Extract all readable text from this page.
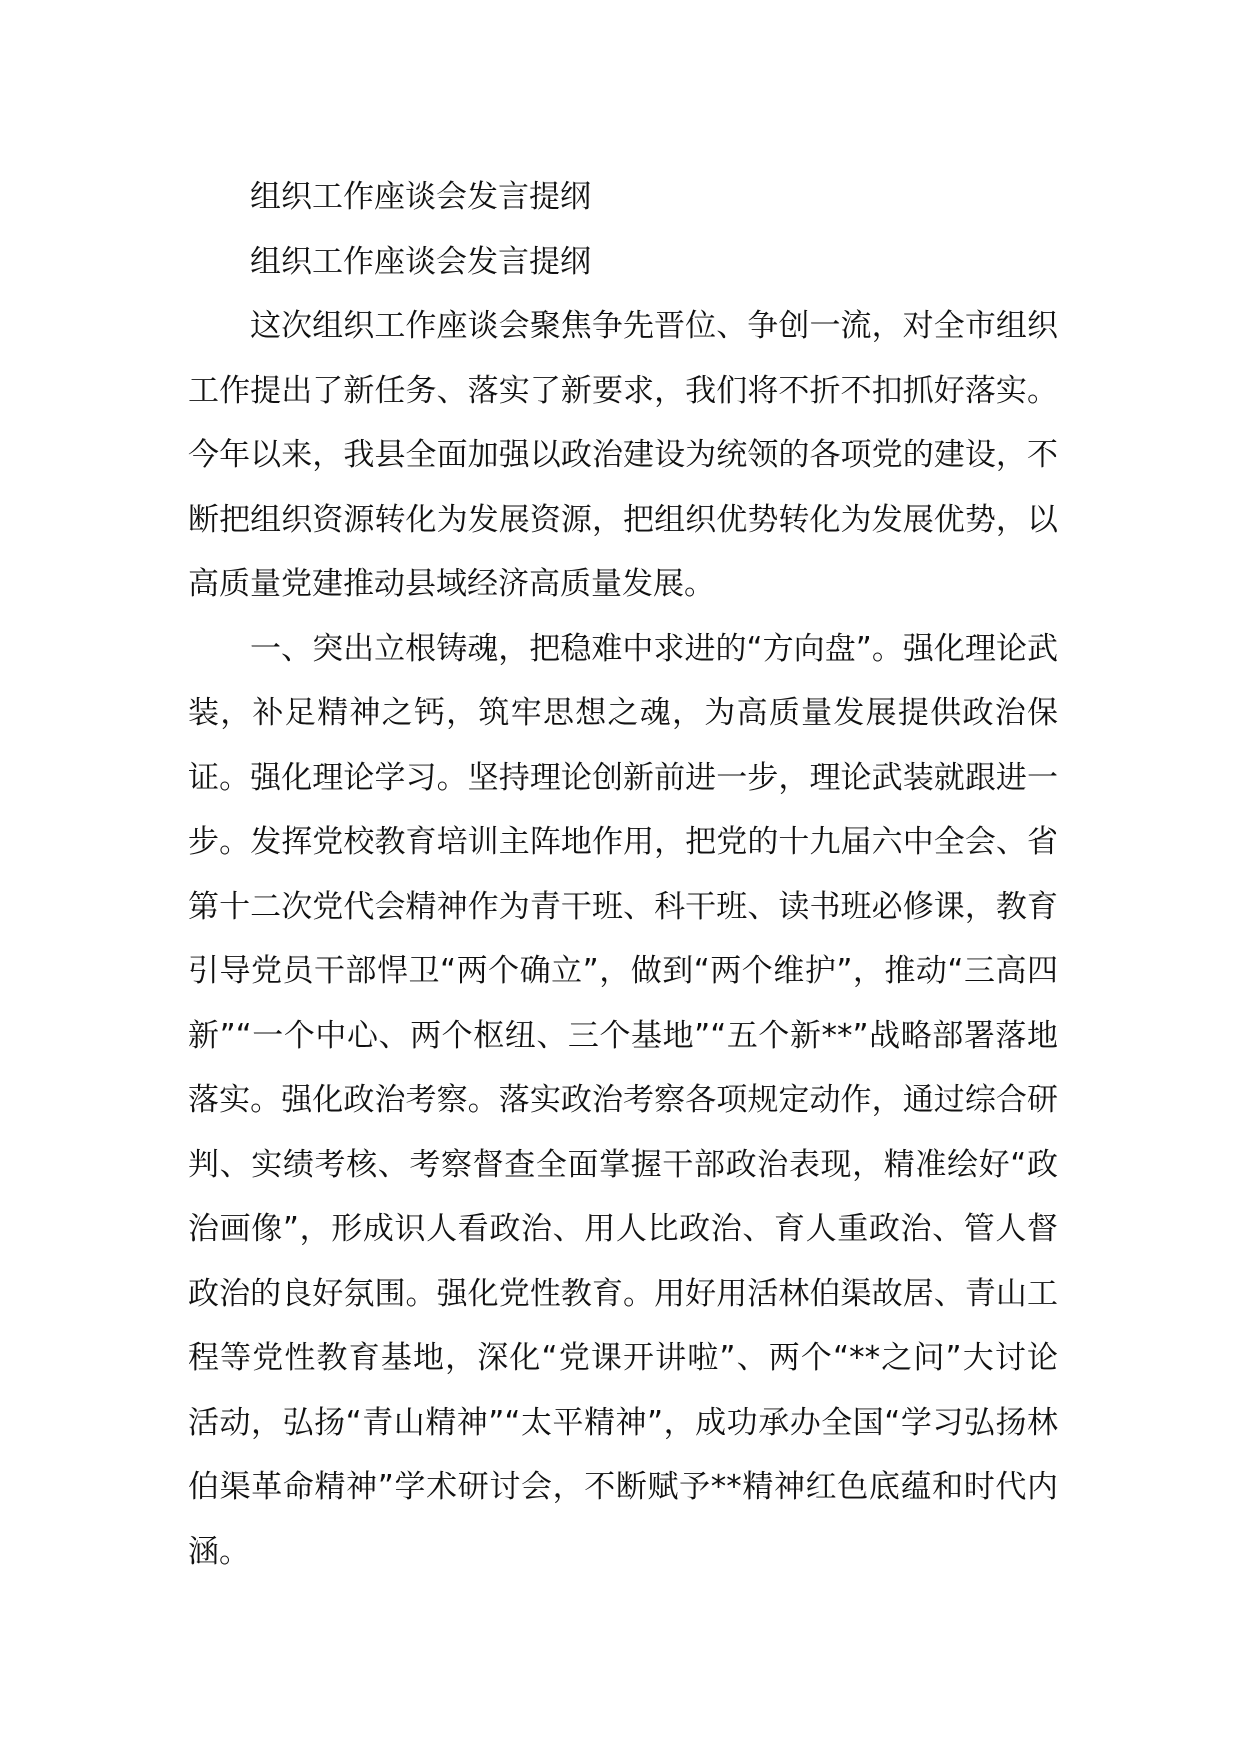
组织工作座谈会发言提纲

组织工作座谈会发言提纲

这次组织工作座谈会聚焦争先晋位、争创一流，对全市组织工作提出了新任务、落实了新要求，我们将不折不扣抓好落实。今年以来，我县全面加强以政治建设为统领的各项党的建设，不断把组织资源转化为发展资源，把组织优势转化为发展优势，以高质量党建推动县域经济高质量发展。

一、突出立根铸魂，把稳难中求进的“方向盘”。强化理论武装，补足精神之钙，筑牢思想之魂，为高质量发展提供政治保证。强化理论学习。坚持理论创新前进一步，理论武装就跟进一步。发挥党校教育培训主阵地作用，把党的十九届六中全会、省第十二次党代会精神作为青干班、科干班、读书班必修课，教育引导党员干部悍卫“两个确立”，做到“两个维护”，推动“三高四新”“一个中心、两个枢纽、三个基地”“五个新**”战略部署落地落实。强化政治考察。落实政治考察各项规定动作，通过综合研判、实绩考核、考察督查全面掌握干部政治表现，精准绘好“政治画像”，形成识人看政治、用人比政治、育人重政治、管人督政治的良好氛围。强化党性教育。用好用活林伯渠故居、青山工程等党性教育基地，深化“党课开讲啦”、两个“**之问”大讨论活动，弘扬“青山精神”“太平精神”，成功承办全国“学习弘扬林伯渠革命精神”学术研讨会，不断赋予**精神红色底蕴和时代内涵。
